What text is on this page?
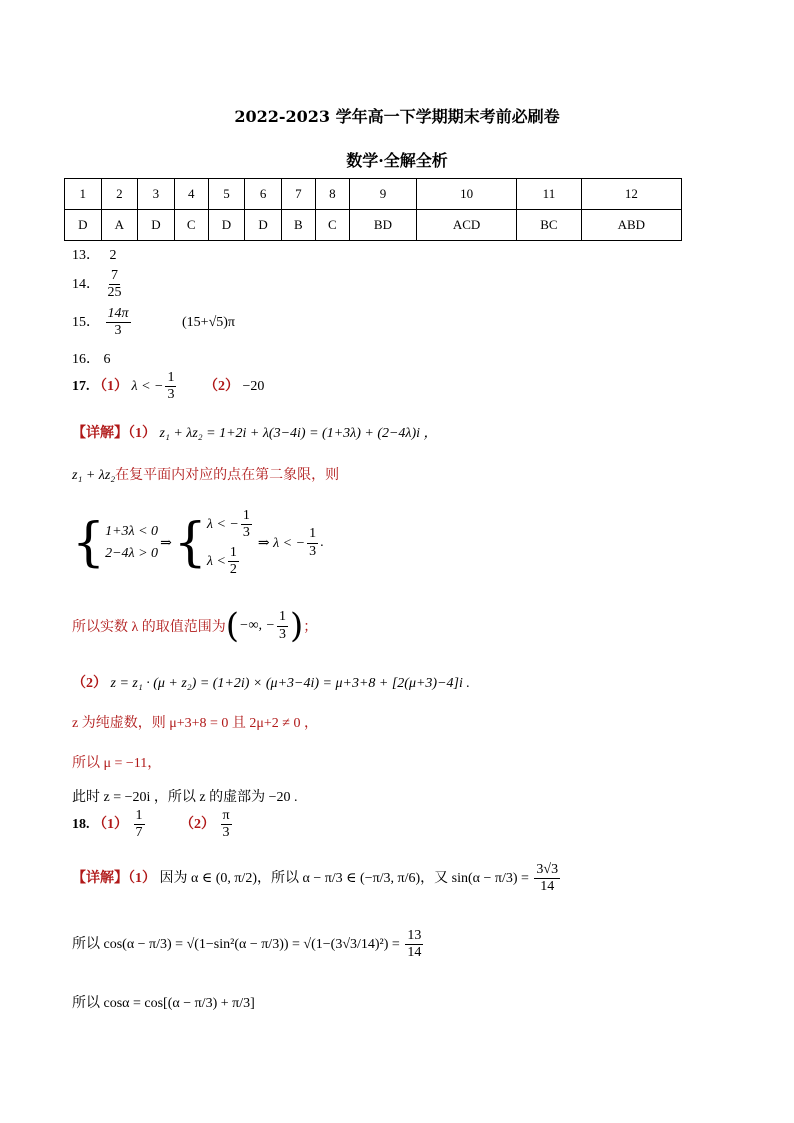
2022-2023 学年高一下学期期末考前必刷卷
数学·全解全析
1	2	3	4	5	6	7	8	9	10	11	12
D	A	D	C	D	D	B	C	BD	ACD	BC	ABD
13． 2
14． $\frac{7}{25}$
15． $\frac{14\pi}{3}$	(15+√5)π
16． 6
17. （1） λ < − $\frac{1}{3} (2) -20$
【详解】（1） z₁ + λz₂ = 1+2i + λ(3−4i) = (1+3λ) + (2−4λ)i ，
z₁ + λz₂在复平面内对应的点在第二象限，则
{ 1+3λ < 0
2−4λ > 0
⇒ { λ < − $\frac{1}{3}$
$\lambda < \frac{1}{2}$
⇒ λ < − $\frac{1}{3}$ .
所以实数 λ 的取值范围为 ( −∞, − $\frac{1}{3}$ ) ；
（2） z = z₁ · (μ + z₂) = (1+2i) × (μ+3−4i) = μ+3+8 + [2(μ+3)−4]i .
z 为纯虚数，则 μ+3+8 = 0 且 2μ+2 ≠ 0 ，
所以 μ = −11，
此时 z = −20i ，所以 z 的虚部为 −20 .
18. $(1) \frac{1}{7}$	$(2) \frac{\pi}{3}$
【详解】（1） 因为 α ∈ (0, π/2)，所以 α − π/3 ∈ (−π/3, π/6)，又 $\sin(\alpha - \pi/3) = \frac{3√3}{14}$
所以 $\cos(\alpha - \pi/3) = √(1-\sin^2(\alpha - \pi/3)) = √(1-(3√3/14)^2) = \frac{13}{14}$
所以 cosα = cos[(α − π/3) + π/3]
